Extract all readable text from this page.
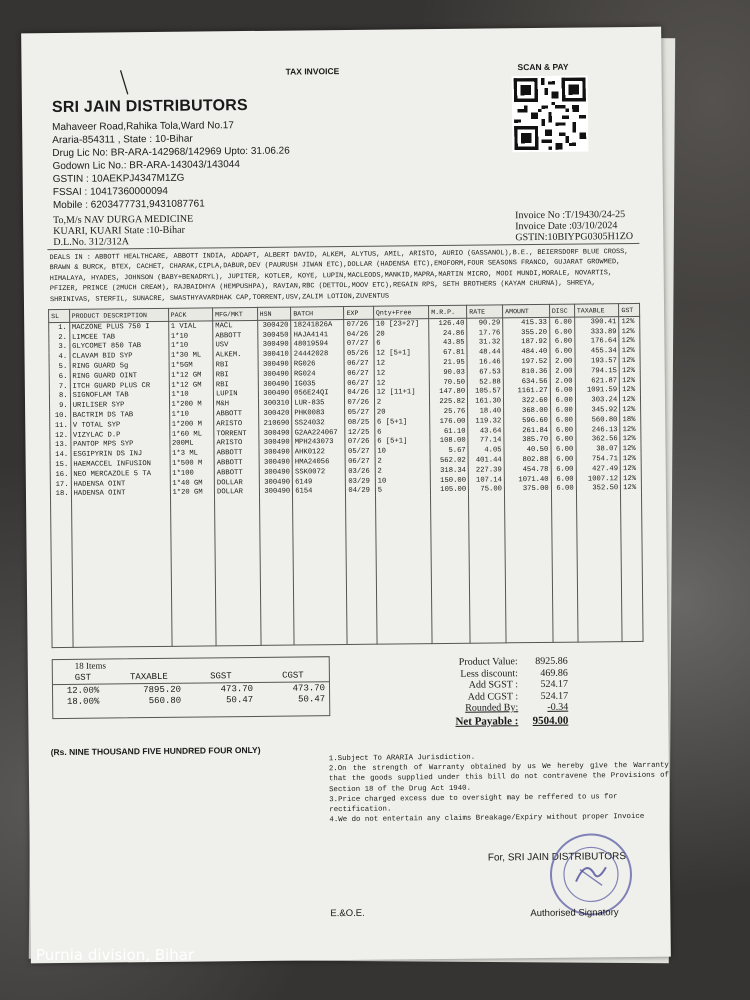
TAX INVOICE	SCAN & PAY
SRI JAIN DISTRIBUTORS
Mahaveer Road,Rahika Tola,Ward No.17
Araria-854311 , State : 10-Bihar
Drug Lic No: BR-ARA-142968/142969 Upto: 31.06.26
Godown Lic No.: BR-ARA-143043/143044
GSTIN : 10AEKPJ4347M1ZG
FSSAI : 10417360000094
Mobile : 6203477731,9431087761
To,M/s NAV DURGA MEDICINE
KUARI, KUARI State :10-Bihar
D.L.No. 312/312A
Invoice No :T/19430/24-25
Invoice Date :03/10/2024
GSTIN:10BIYPG0305H1ZO
DEALS IN : ABBOTT HEALTHCARE, ABBOTT INDIA, ADDAPT, ALBERT DAVID, ALKEM, ALYTUS, AMIL, ARISTO, AURIO (GASSANOL),B.E., BEIERSDORF BLUE CROSS, BRAWN & BURCK, BTEX, CACHET, CHARAK,CIPLA,DABUR,DEV (PAURUSH JIWAN ETC),DOLLAR (HADENSA ETC),EMOFORM,FOUR SEASONS FRANCO, GUJARAT GROWMED, HIMALAYA, HYADES, JOHNSON (BABY+BENADRYL), JUPITER, KOTLER, KOYE, LUPIN,MACLEODS,MANKID,MAPRA,MARTIN MICRO, MODI MUNDI,MORALE, NOVARTIS, PFIZER, PRINCE (2MUCH CREAM), RAJBAIDHYA (HEMPUSHPA), RAVIAN,RBC (DETTOL,MOOV ETC),REGAIN RPS, SETH BROTHERS (KAYAM CHURNA), SHREYA, SHRINIVAS, STERFIL, SUNACRE, SWASTHYAVARDHAK CAP,TORRENT,USV,ZALIM LOTION,ZUVENTUS
SL	PRODUCT DESCRIPTION	PACK	MFG/MKT	HSN	BATCH	EXP	Qnty+Free	M.R.P.	RATE	AMOUNT	DISC	TAXABLE	GST
1.	MACZONE PLUS 750 I	1 VIAL	MACL	300420	18241826A	07/26	10 [23+27]	126.40	90.29	415.33	6.00	390.41	12%
2.	LIMCEE TAB	1*10	ABBOTT	300450	HAJA4141	04/26	20	24.86	17.76	355.20	6.00	333.89	12%
3.	GLYCOMET 850 TAB	1*10	USV	300490	48019594	07/27	6	43.85	31.32	187.92	6.00	176.64	12%
4.	CLAVAM BID SYP	1*30 ML	ALKEM.	300410	24442028	05/26	12 [5+1]	67.81	48.44	484.40	6.00	455.34	12%
5.	RING GUARD 5g	1*5GM	RBI	300490	RG026	06/27	12	21.95	16.46	197.52	2.00	193.57	12%
6.	RING GUARD OINT	1*12 GM	RBI	300490	RG024	06/27	12	90.03	67.53	810.36	2.00	794.15	12%
7.	ITCH GUARD PLUS CR	1*12 GM	RBI	300490	IG035	06/27	12	70.50	52.88	634.56	2.00	621.87	12%
8.	SIGNOFLAM TAB	1*10	LUPIN	300490	056E24QI	04/26	12 [11+1]	147.80	105.57	1161.27	6.00	1091.59	12%
9.	URILISER SYP	1*200 M	M&H	300310	LUR-835	07/26	2	225.82	161.30	322.60	6.00	303.24	12%
10.	BACTRIM DS TAB	1*10	ABBOTT	300420	PHK0083	05/27	20	25.76	18.40	368.00	6.00	345.92	12%
11.	V TOTAL SYP	1*200 M	ARISTO	210690	SS24032	08/25	6 [5+1]	176.00	119.32	596.60	6.00	560.80	18%
12.	VIZYLAC D.P	1*60 ML	TORRENT	300490	G2AA224067	12/25	6	61.10	43.64	261.84	6.00	246.13	12%
13.	PANTOP MPS SYP	200ML	ARISTO	300490	MPH243073	07/26	6 [5+1]	108.00	77.14	385.70	6.00	362.56	12%
14.	ESGIPYRIN DS INJ	1*3 ML	ABBOTT	300490	AHK0122	05/27	10	5.67	4.05	40.50	6.00	38.07	12%
15.	HAEMACCEL INFUSION	1*500 M	ABBOTT	300490	HMA24056	06/27	2	562.02	401.44	802.88	6.00	754.71	12%
16.	NEO MERCAZOLE 5 TA	1*100	ABBOTT	300490	SSK0072	03/26	2	318.34	227.39	454.78	6.00	427.49	12%
17.	HADENSA OINT	1*40 GM	DOLLAR	300490	6149	03/29	10	150.00	107.14	1071.40	6.00	1007.12	12%
18.	HADENSA OINT	1*20 GM	DOLLAR	300490	6154	04/29	5	105.00	75.00	375.00	6.00	352.50	12%

18 Items
GST	TAXABLE	SGST	CGST
12.00%	7895.20	473.70	473.70
18.00%	560.80	50.47	50.47
Product Value:	8925.86
Less discount:	469.86
Add SGST :	524.17
Add CGST :	524.17
Rounded By:	-0.34
Net Payable :	9504.00
(Rs. NINE THOUSAND FIVE HUNDRED FOUR ONLY)
1.Subject To ARARIA Jurisdiction.
2.On the strength of Warranty obtained by us We hereby give the Warranty that the goods supplied under this bill do not contravene the Provisions of Section 18 of the Drug Act 1940.
3.Price charged excess due to oversight may be reffered to us for rectification.
4.We do not entertain any claims Breakage/Expiry without proper Invoice
For, SRI JAIN DISTRIBUTORS
E.&O.E.	Authorised Signatory
Purnia division, Bihar
